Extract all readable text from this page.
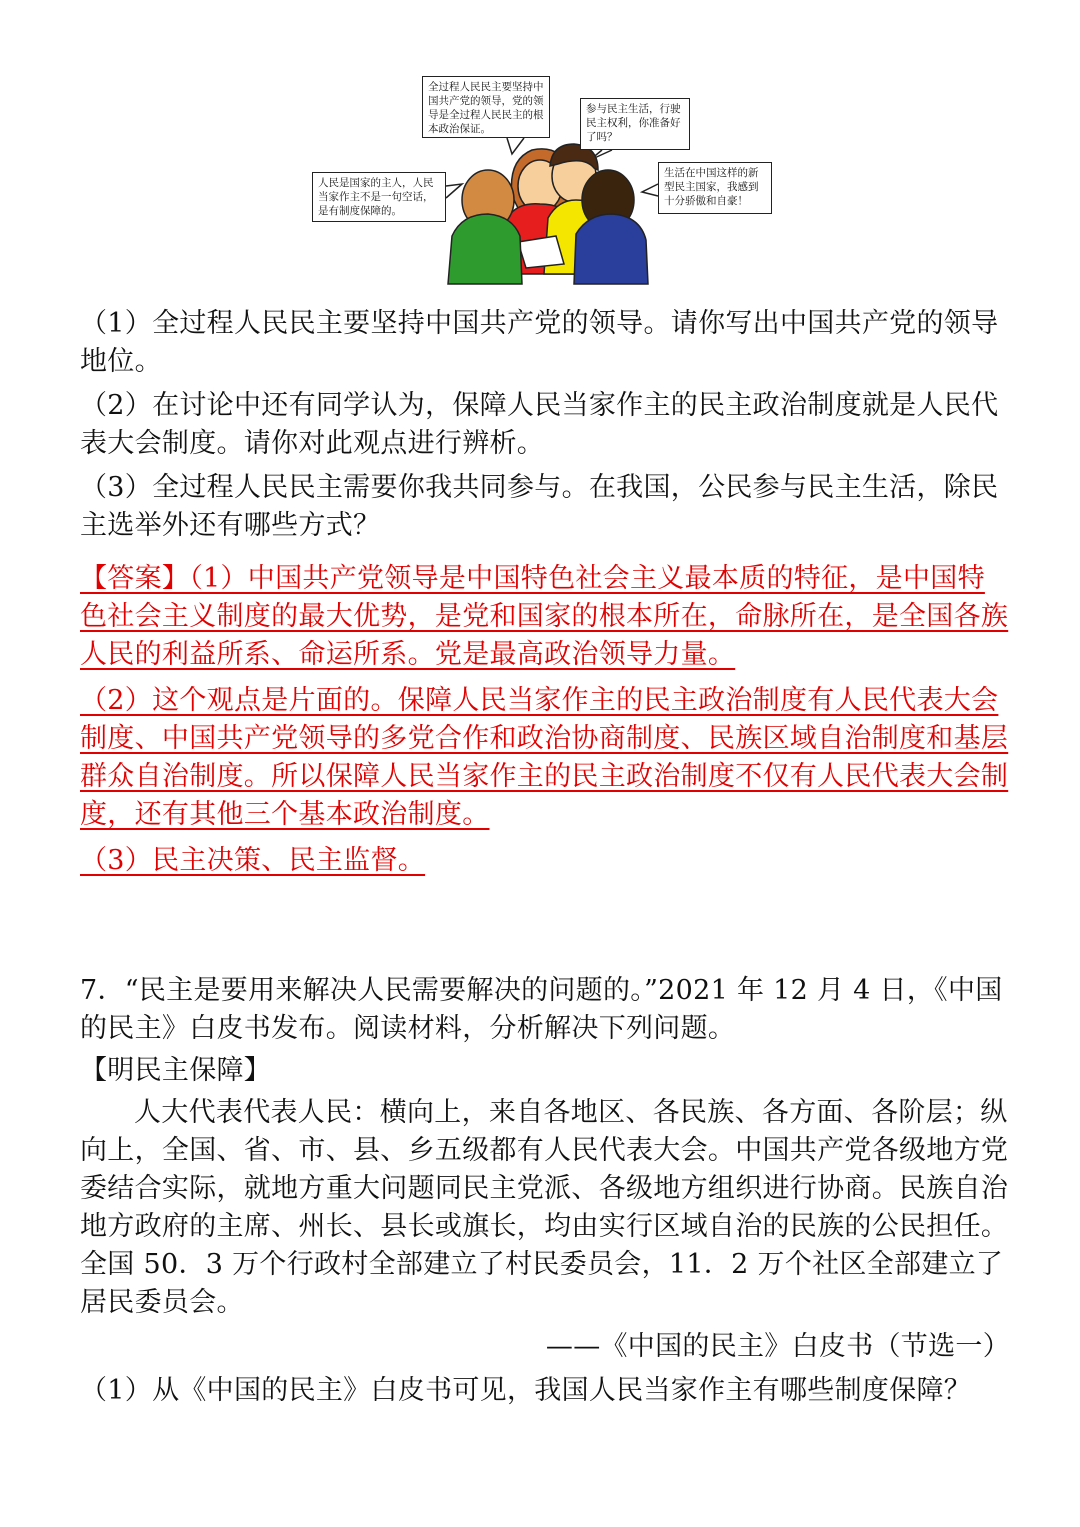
全过程人民民主要坚持中国共产党的领导，党的领导是全过程人民民主的根本政治保证。
参与民主生活，行驶民主权利，你准备好了吗？
人民是国家的主人，人民当家作主不是一句空话，是有制度保障的。
生活在中国这样的新型民主国家，我感到十分骄傲和自豪！

（1）全过程人民民主要坚持中国共产党的领导。请你写出中国共产党的领导地位。

（2）在讨论中还有同学认为，保障人民当家作主的民主政治制度就是人民代表大会制度。请你对此观点进行辨析。

（3）全过程人民民主需要你我共同参与。在我国，公民参与民主生活，除民主选举外还有哪些方式？

【答案】（1）中国共产党领导是中国特色社会主义最本质的特征，是中国特色社会主义制度的最大优势，是党和国家的根本所在，命脉所在，是全国各族人民的利益所系、命运所系。党是最高政治领导力量。

（2）这个观点是片面的。保障人民当家作主的民主政治制度有人民代表大会制度、中国共产党领导的多党合作和政治协商制度、民族区域自治制度和基层群众自治制度。所以保障人民当家作主的民主政治制度不仅有人民代表大会制度，还有其他三个基本政治制度。

（3）民主决策、民主监督。

7．“民主是要用来解决人民需要解决的问题的。”2021 年 12 月 4 日，《中国的民主》白皮书发布。阅读材料，分析解决下列问题。

【明民主保障】

人大代表代表人民：横向上，来自各地区、各民族、各方面、各阶层；纵向上，全国、省、市、县、乡五级都有人民代表大会。中国共产党各级地方党委结合实际，就地方重大问题同民主党派、各级地方组织进行协商。民族自治地方政府的主席、州长、县长或旗长，均由实行区域自治的民族的公民担任。全国 50．3 万个行政村全部建立了村民委员会，11．2 万个社区全部建立了居民委员会。

——《中国的民主》白皮书（节选一）

（1）从《中国的民主》白皮书可见，我国人民当家作主有哪些制度保障？
